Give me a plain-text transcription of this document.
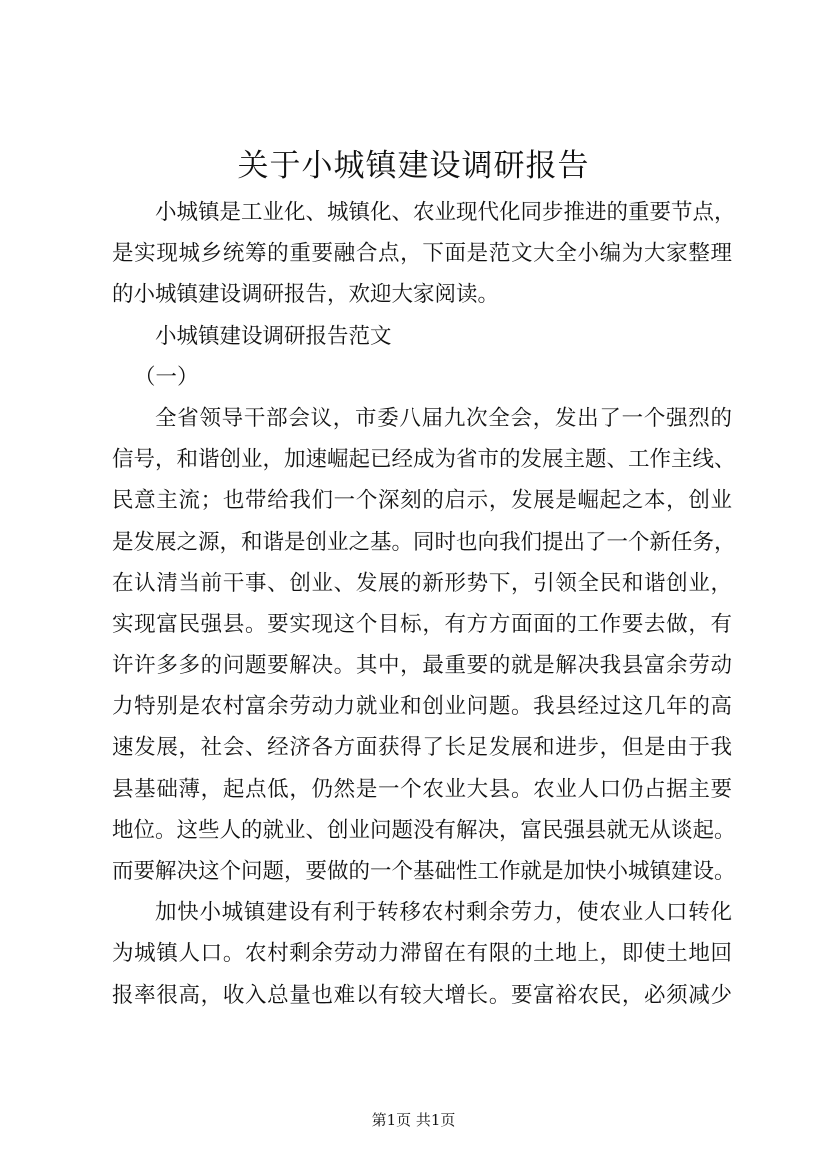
关于小城镇建设调研报告
小城镇是工业化、城镇化、农业现代化同步推进的重要节点，
是实现城乡统筹的重要融合点，下面是范文大全小编为大家整理
的小城镇建设调研报告，欢迎大家阅读。
小城镇建设调研报告范文
（一）
全省领导干部会议，市委八届九次全会，发出了一个强烈的
信号，和谐创业，加速崛起已经成为省市的发展主题、工作主线、
民意主流；也带给我们一个深刻的启示，发展是崛起之本，创业
是发展之源，和谐是创业之基。同时也向我们提出了一个新任务，
在认清当前干事、创业、发展的新形势下，引领全民和谐创业，
实现富民强县。要实现这个目标，有方方面面的工作要去做，有
许许多多的问题要解决。其中，最重要的就是解决我县富余劳动
力特别是农村富余劳动力就业和创业问题。我县经过这几年的高
速发展，社会、经济各方面获得了长足发展和进步，但是由于我
县基础薄，起点低，仍然是一个农业大县。农业人口仍占据主要
地位。这些人的就业、创业问题没有解决，富民强县就无从谈起。
而要解决这个问题，要做的一个基础性工作就是加快小城镇建设。
加快小城镇建设有利于转移农村剩余劳力，使农业人口转化
为城镇人口。农村剩余劳动力滞留在有限的土地上，即使土地回
报率很高，收入总量也难以有较大增长。要富裕农民，必须减少
第1页 共1页
